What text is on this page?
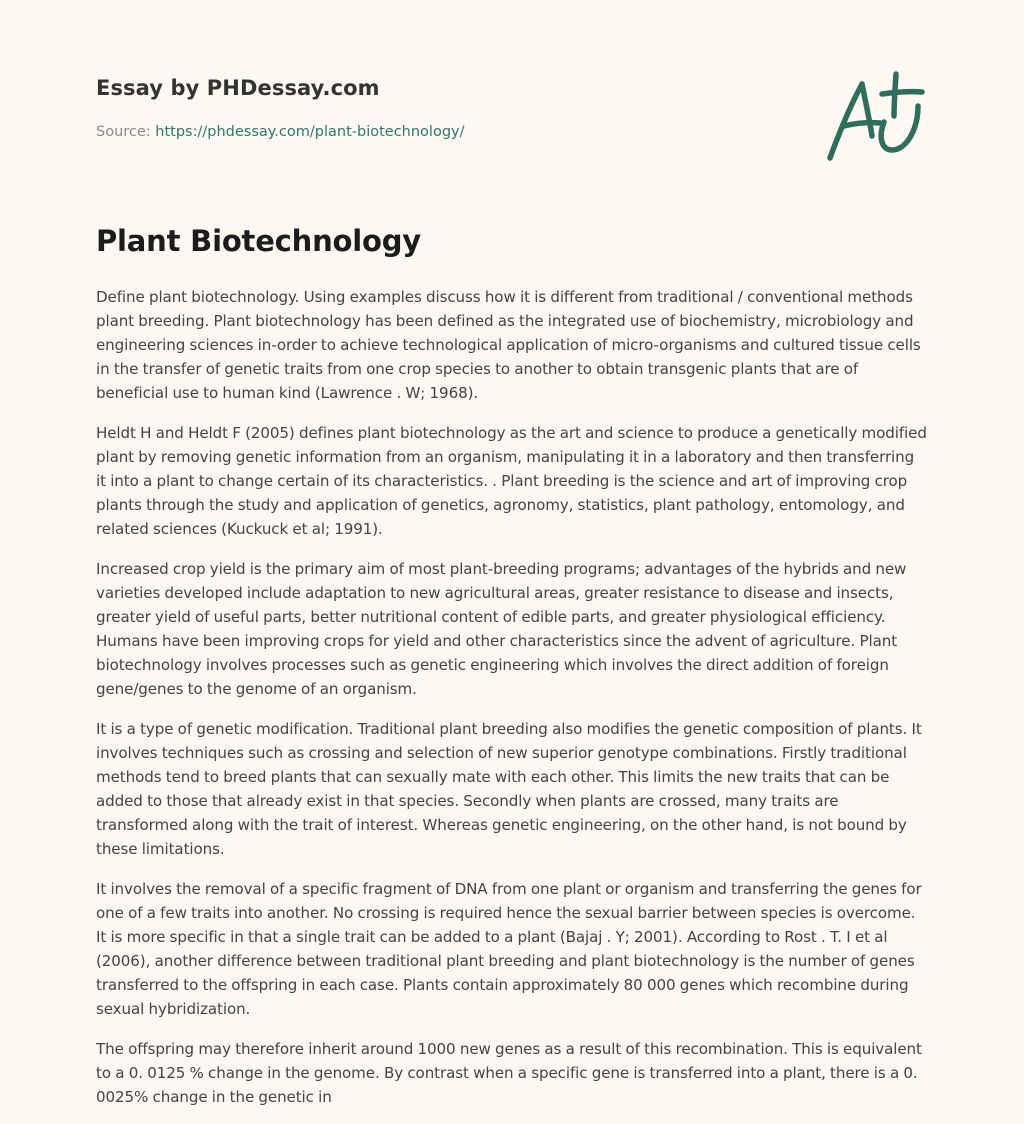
Essay by PHDessay.com

Source: https://phdessay.com/plant-biotechnology/

Plant Biotechnology

Define plant biotechnology. Using examples discuss how it is different from traditional / conventional methods plant breeding. Plant biotechnology has been defined as the integrated use of biochemistry, microbiology and engineering sciences in-order to achieve technological application of micro-organisms and cultured tissue cells in the transfer of genetic traits from one crop species to another to obtain transgenic plants that are of beneficial use to human kind (Lawrence . W; 1968).

Heldt H and Heldt F (2005) defines plant biotechnology as the art and science to produce a genetically modified plant by removing genetic information from an organism, manipulating it in a laboratory and then transferring it into a plant to change certain of its characteristics. . Plant breeding is the science and art of improving crop plants through the study and application of genetics, agronomy, statistics, plant pathology, entomology, and related sciences (Kuckuck et al; 1991).

Increased crop yield is the primary aim of most plant-breeding programs; advantages of the hybrids and new varieties developed include adaptation to new agricultural areas, greater resistance to disease and insects, greater yield of useful parts, better nutritional content of edible parts, and greater physiological efficiency. Humans have been improving crops for yield and other characteristics since the advent of agriculture. Plant biotechnology involves processes such as genetic engineering which involves the direct addition of foreign gene/genes to the genome of an organism.

It is a type of genetic modification. Traditional plant breeding also modifies the genetic composition of plants. It involves techniques such as crossing and selection of new superior genotype combinations. Firstly traditional methods tend to breed plants that can sexually mate with each other. This limits the new traits that can be added to those that already exist in that species. Secondly when plants are crossed, many traits are transformed along with the trait of interest. Whereas genetic engineering, on the other hand, is not bound by these limitations.

It involves the removal of a specific fragment of DNA from one plant or organism and transferring the genes for one of a few traits into another. No crossing is required hence the sexual barrier between species is overcome. It is more specific in that a single trait can be added to a plant (Bajaj . Y; 2001). According to Rost . T. I et al (2006), another difference between traditional plant breeding and plant biotechnology is the number of genes transferred to the offspring in each case. Plants contain approximately 80 000 genes which recombine during sexual hybridization.

The offspring may therefore inherit around 1000 new genes as a result of this recombination. This is equivalent to a 0. 0125 % change in the genome. By contrast when a specific gene is transferred into a plant, there is a 0. 0025% change in the genetic in
